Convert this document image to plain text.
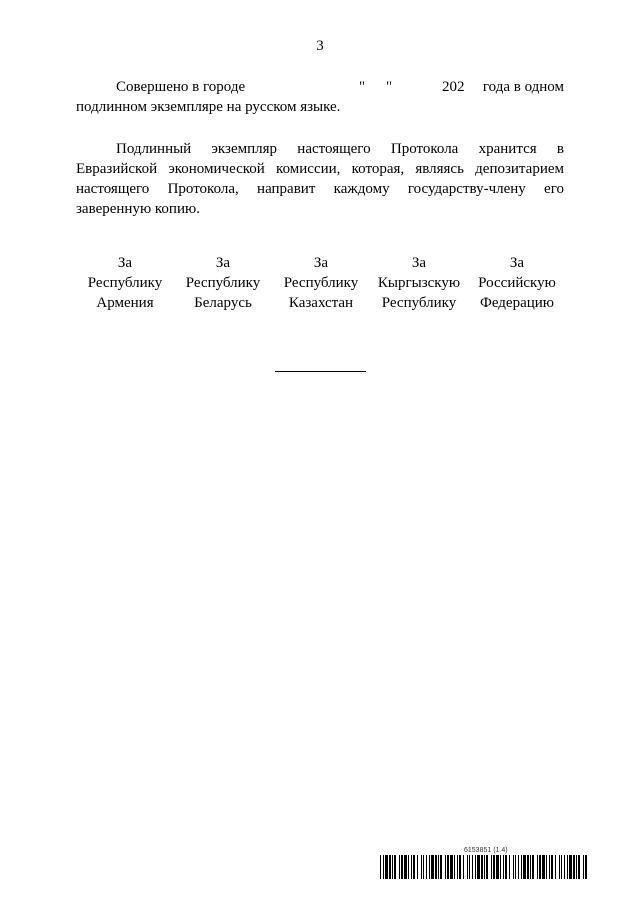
3
Совершено в городе	" "	202 года в одном
подлинном экземпляре на русском языке.
Подлинный экземпляр настоящего Протокола хранится в Евразийской экономической комиссии, которая, являясь депозитарием настоящего Протокола, направит каждому государству-члену его заверенную копию.
За
Республику
Армения
За
Республику
Беларусь
За
Республику
Казахстан
За
Кыргызскую
Республику
За
Российскую
Федерацию
6153851 (1.4)
